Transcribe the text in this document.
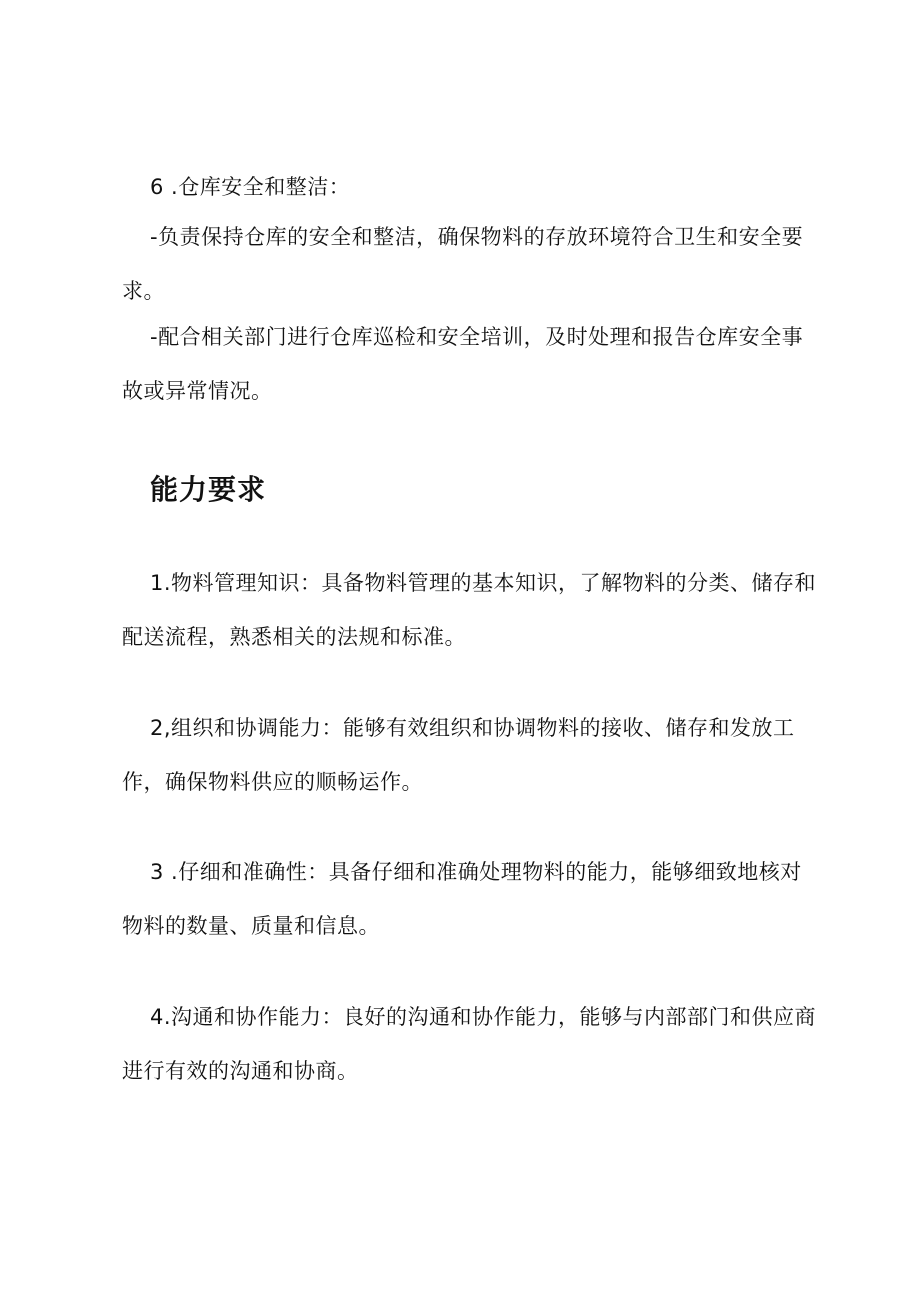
6 .仓库安全和整洁：

-负责保持仓库的安全和整洁，确保物料的存放环境符合卫生和安全要求。

-配合相关部门进行仓库巡检和安全培训，及时处理和报告仓库安全事故或异常情况。

能力要求

1.物料管理知识：具备物料管理的基本知识，了解物料的分类、储存和配送流程，熟悉相关的法规和标准。

2,组织和协调能力：能够有效组织和协调物料的接收、储存和发放工作，确保物料供应的顺畅运作。

3 .仔细和准确性：具备仔细和准确处理物料的能力，能够细致地核对物料的数量、质量和信息。

4.沟通和协作能力：良好的沟通和协作能力，能够与内部部门和供应商进行有效的沟通和协商。
